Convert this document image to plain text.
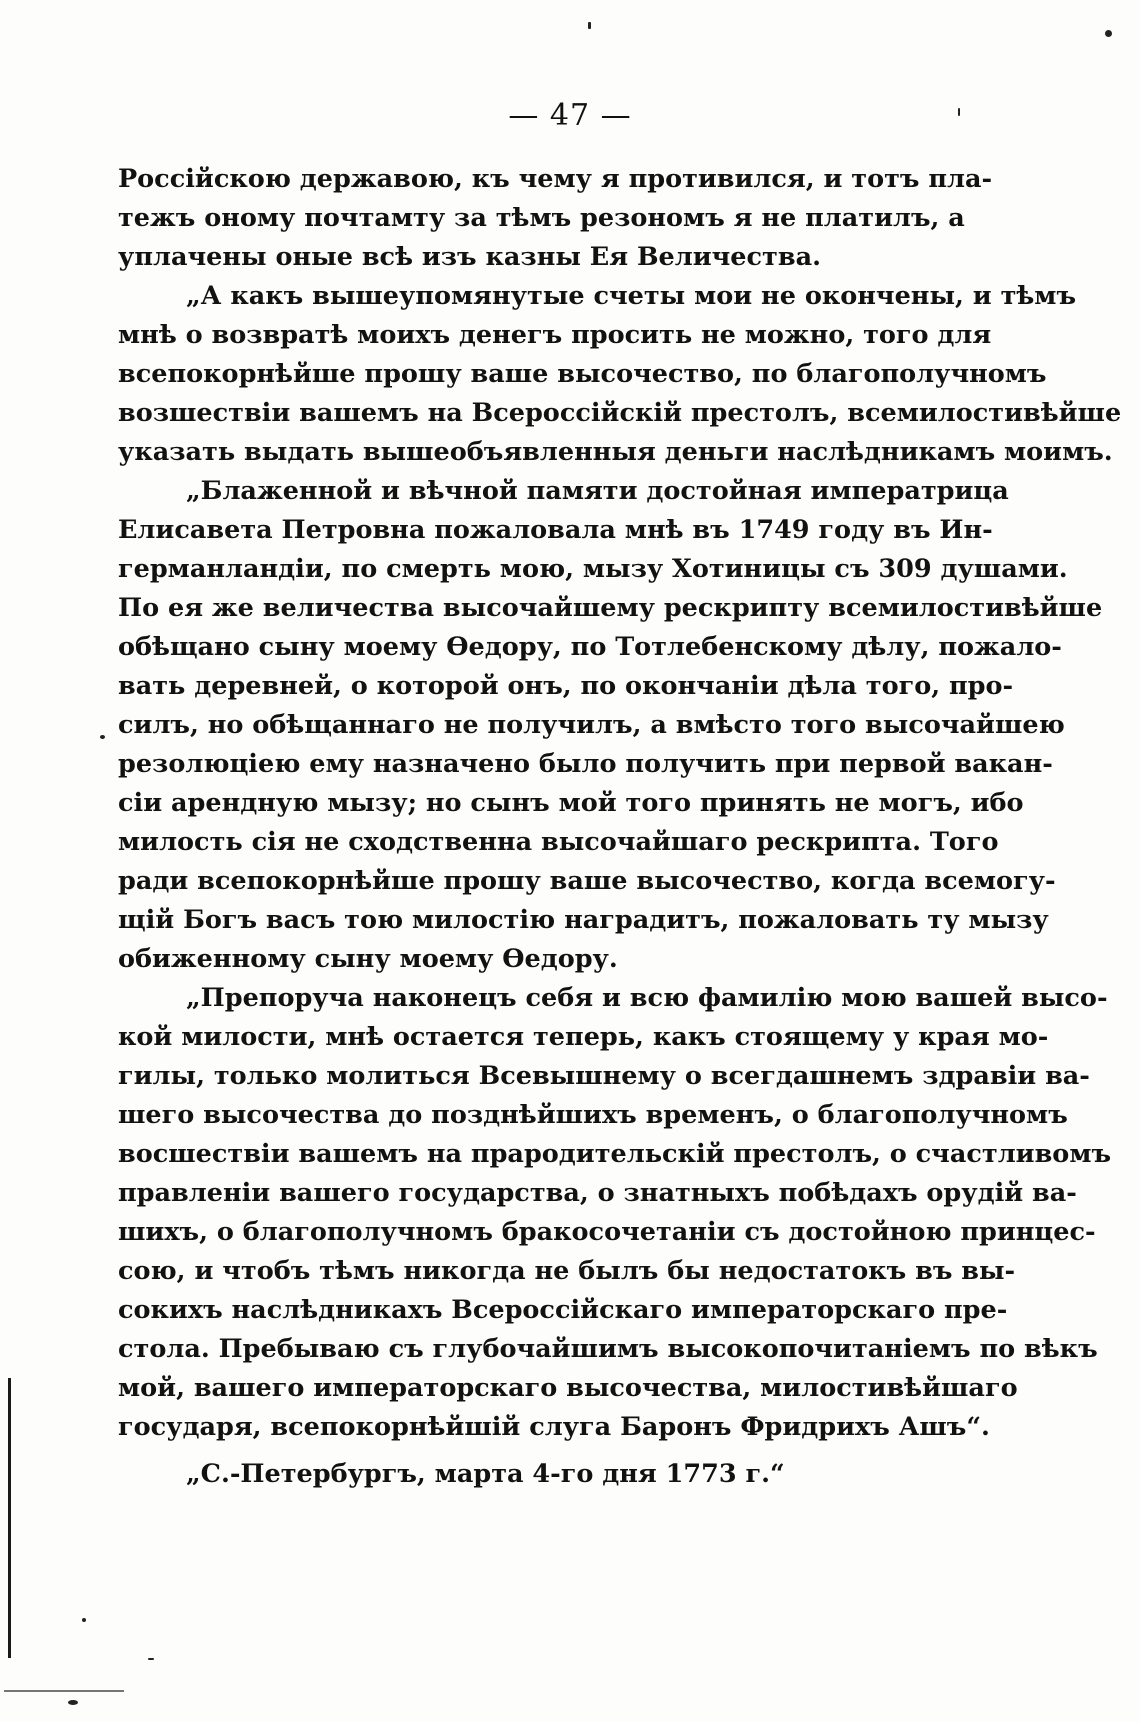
— 47 —
Россійскою державою, къ чему я противился, и тотъ пла-
тежъ оному почтамту за тѣмъ резономъ я не платилъ, а
уплачены оные всѣ изъ казны Ея Величества.
„А какъ вышеупомянутые счеты мои не окончены, и тѣмъ
мнѣ о возвратѣ моихъ денегъ просить не можно, того для
всепокорнѣйше прошу ваше высочество, по благополучномъ
возшествіи вашемъ на Всероссійскій престолъ, всемилостивѣйше
указать выдать вышеобъявленныя деньги наслѣдникамъ моимъ.
„Блаженной и вѣчной памяти достойная императрица
Елисавета Петровна пожаловала мнѣ въ 1749 году въ Ин-
германландіи, по смерть мою, мызу Хотиницы съ 309 душами.
По ея же величества высочайшему рескрипту всемилостивѣйше
обѣщано сыну моему Өедору, по Тотлебенскому дѣлу, пожало-
вать деревней, о которой онъ, по окончаніи дѣла того, про-
силъ, но обѣщаннаго не получилъ, а вмѣсто того высочайшею
резолюціею ему назначено было получить при первой вакан-
сіи арендную мызу; но сынъ мой того принять не могъ, ибо
милость сія не сходственна высочайшаго рескрипта. Того
ради всепокорнѣйше прошу ваше высочество, когда всемогу-
щій Богъ васъ тою милостію наградитъ, пожаловать ту мызу
обиженному сыну моему Өедору.
„Препоруча наконецъ себя и всю фамилію мою вашей высо-
кой милости, мнѣ остается теперь, какъ стоящему у края мо-
гилы, только молиться Всевышнему о всегдашнемъ здравіи ва-
шего высочества до позднѣйшихъ временъ, о благополучномъ
восшествіи вашемъ на прародительскій престолъ, о счастливомъ
правленіи вашего государства, о знатныхъ побѣдахъ орудій ва-
шихъ, о благополучномъ бракосочетаніи съ достойною принцес-
сою, и чтобъ тѣмъ никогда не былъ бы недостатокъ въ вы-
сокихъ наслѣдникахъ Всероссійскаго императорскаго пре-
стола. Пребываю съ глубочайшимъ высокопочитаніемъ по вѣкъ
мой, вашего императорскаго высочества, милостивѣйшаго
государя, всепокорнѣйшій слуга Баронъ Фридрихъ Ашъ“.
„С.-Петербургъ, марта 4-го дня 1773 г.“
